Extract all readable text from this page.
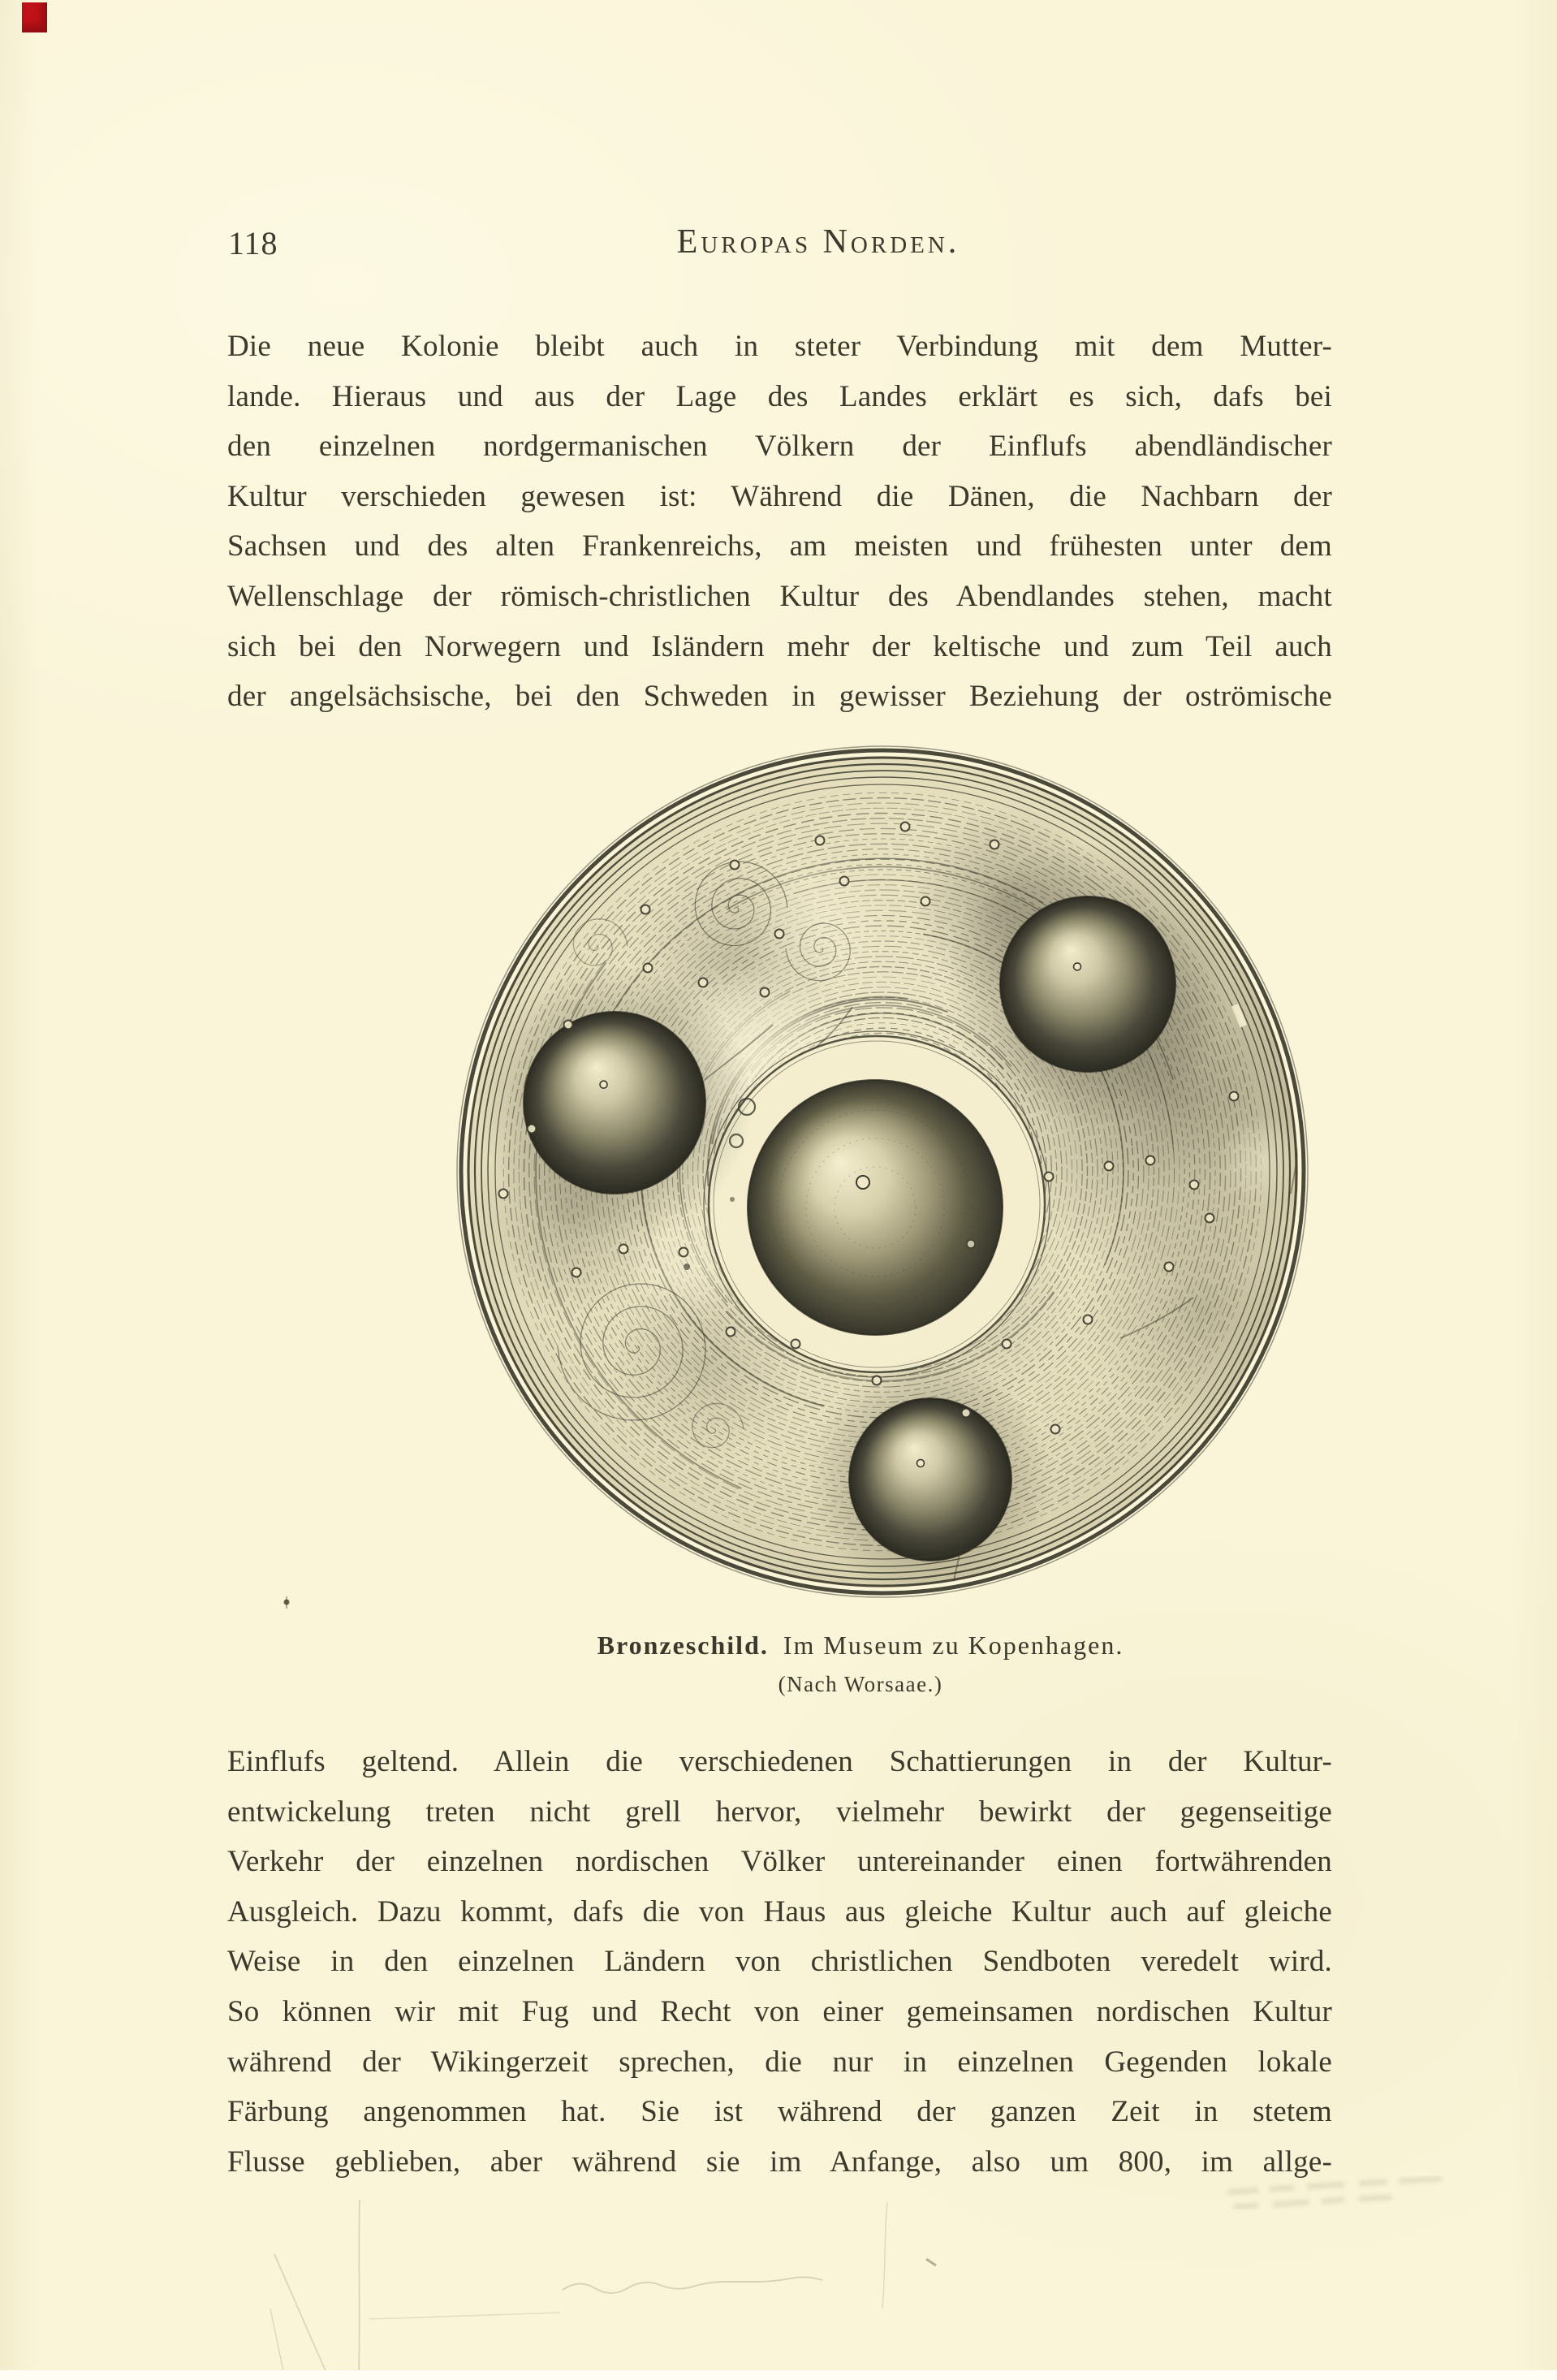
118	Europas Norden.
Die neue Kolonie bleibt auch in steter Verbindung mit dem Mutter-
lande. Hieraus und aus der Lage des Landes erklärt es sich, dafs bei
den einzelnen nordgermanischen Völkern der Einflufs abendländischer
Kultur verschieden gewesen ist: Während die Dänen, die Nachbarn der
Sachsen und des alten Frankenreichs, am meisten und frühesten unter dem
Wellenschlage der römisch-christlichen Kultur des Abendlandes stehen, macht
sich bei den Norwegern und Isländern mehr der keltische und zum Teil auch
der angelsächsische, bei den Schweden in gewisser Beziehung der oströmische
Bronzeschild. Im Museum zu Kopenhagen.
(Nach Worsaae.)
Einflufs geltend. Allein die verschiedenen Schattierungen in der Kultur-
entwickelung treten nicht grell hervor, vielmehr bewirkt der gegenseitige
Verkehr der einzelnen nordischen Völker untereinander einen fortwährenden
Ausgleich. Dazu kommt, dafs die von Haus aus gleiche Kultur auch auf gleiche
Weise in den einzelnen Ländern von christlichen Sendboten veredelt wird.
So können wir mit Fug und Recht von einer gemeinsamen nordischen Kultur
während der Wikingerzeit sprechen, die nur in einzelnen Gegenden lokale
Färbung angenommen hat. Sie ist während der ganzen Zeit in stetem
Flusse geblieben, aber während sie im Anfange, also um 800, im allge-
